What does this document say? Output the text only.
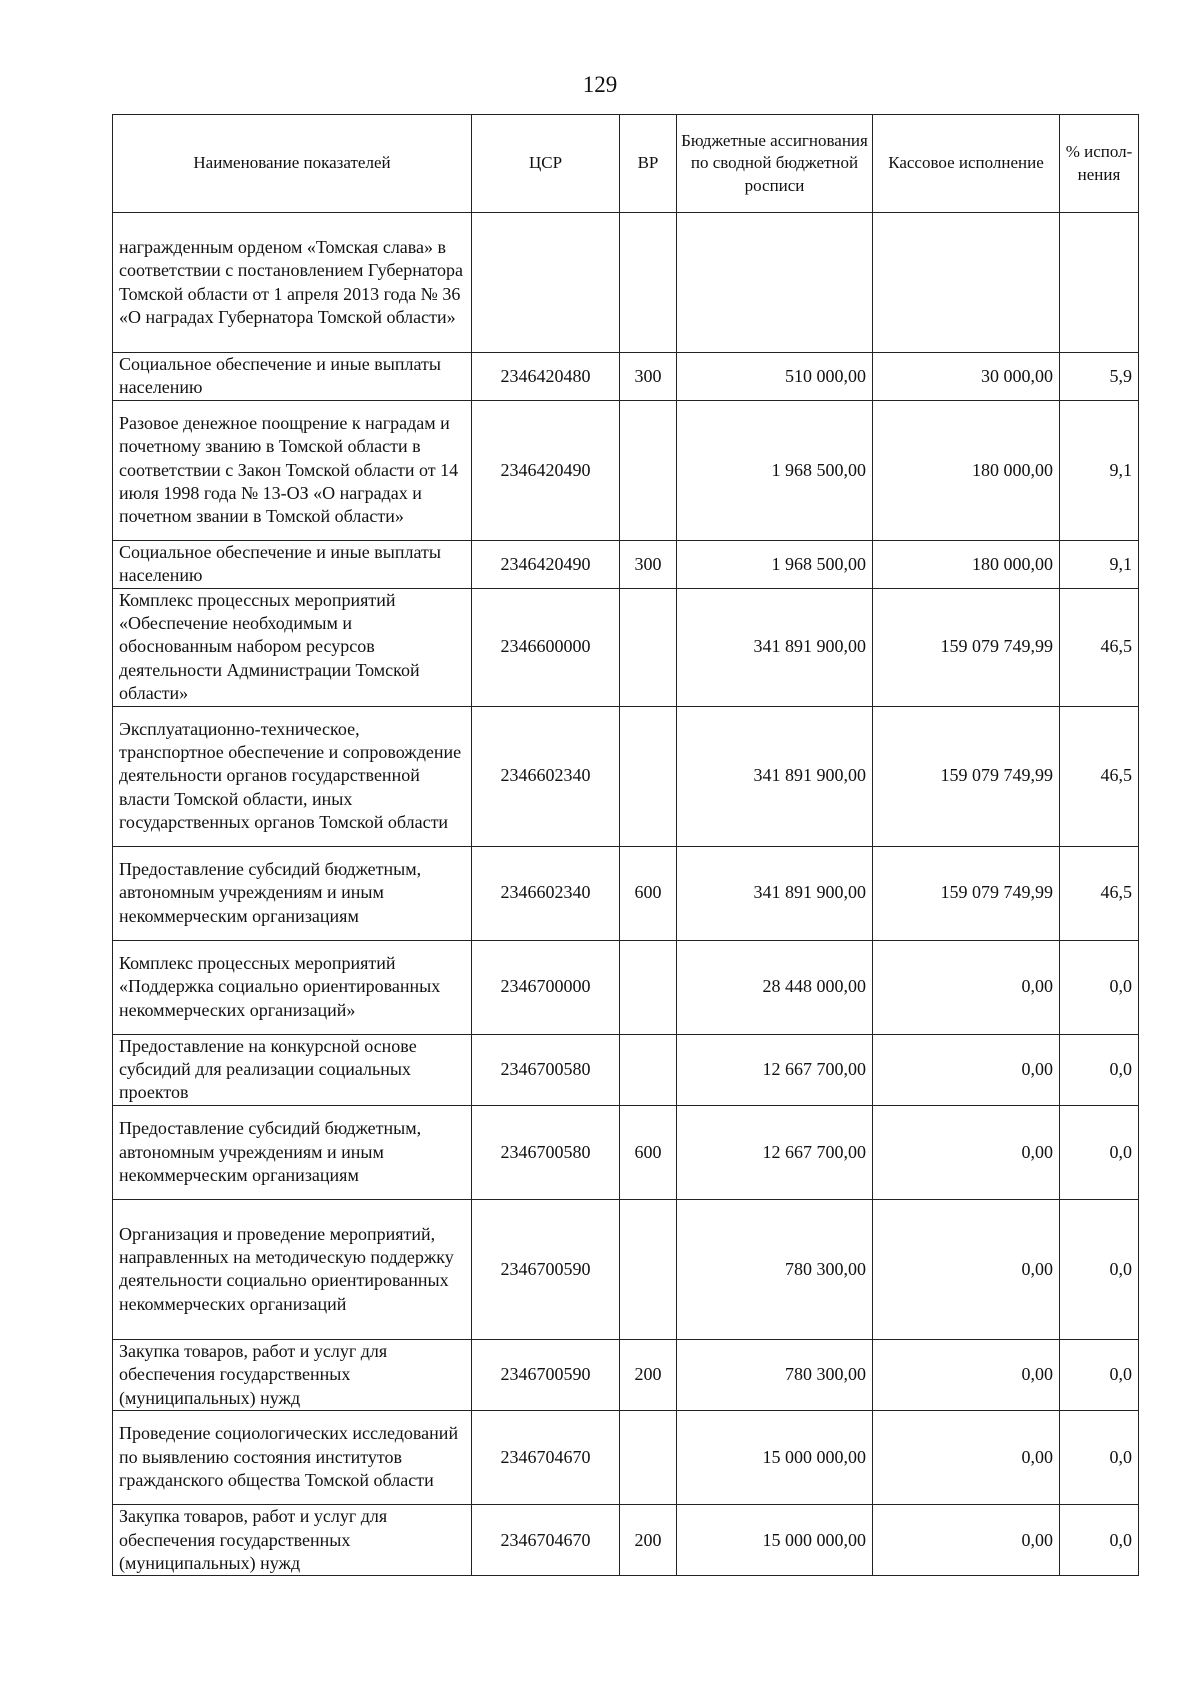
129
Наименование показателей	ЦСР	ВР	Бюджетные ассигнования по сводной бюджетной росписи	Кассовое исполнение	% испол-нения
награжденным орденом «Томская слава» в соответствии с постановлением Губернатора Томской области от 1 апреля 2013 года № 36 «О наградах Губернатора Томской области»					
Социальное обеспечение и иные выплаты населению	2346420480	300	510 000,00	30 000,00	5,9
Разовое денежное поощрение к наградам и почетному званию в Томской области в соответствии с Закон Томской области от 14 июля 1998 года № 13-ОЗ «О наградах и почетном звании в Томской области»	2346420490		1 968 500,00	180 000,00	9,1
Социальное обеспечение и иные выплаты населению	2346420490	300	1 968 500,00	180 000,00	9,1
Комплекс процессных мероприятий «Обеспечение необходимым и обоснованным набором ресурсов деятельности Администрации Томской области»	2346600000		341 891 900,00	159 079 749,99	46,5
Эксплуатационно-техническое, транспортное обеспечение и сопровождение деятельности органов государственной власти Томской области, иных государственных органов Томской области	2346602340		341 891 900,00	159 079 749,99	46,5
Предоставление субсидий бюджетным, автономным учреждениям и иным некоммерческим организациям	2346602340	600	341 891 900,00	159 079 749,99	46,5
Комплекс процессных мероприятий «Поддержка социально ориентированных некоммерческих организаций»	2346700000		28 448 000,00	0,00	0,0
Предоставление на конкурсной основе субсидий для реализации социальных проектов	2346700580		12 667 700,00	0,00	0,0
Предоставление субсидий бюджетным, автономным учреждениям и иным некоммерческим организациям	2346700580	600	12 667 700,00	0,00	0,0
Организация и проведение мероприятий, направленных на методическую поддержку деятельности социально ориентированных некоммерческих организаций	2346700590		780 300,00	0,00	0,0
Закупка товаров, работ и услуг для обеспечения государственных (муниципальных) нужд	2346700590	200	780 300,00	0,00	0,0
Проведение социологических исследований по выявлению состояния институтов гражданского общества Томской области	2346704670		15 000 000,00	0,00	0,0
Закупка товаров, работ и услуг для обеспечения государственных (муниципальных) нужд	2346704670	200	15 000 000,00	0,00	0,0
